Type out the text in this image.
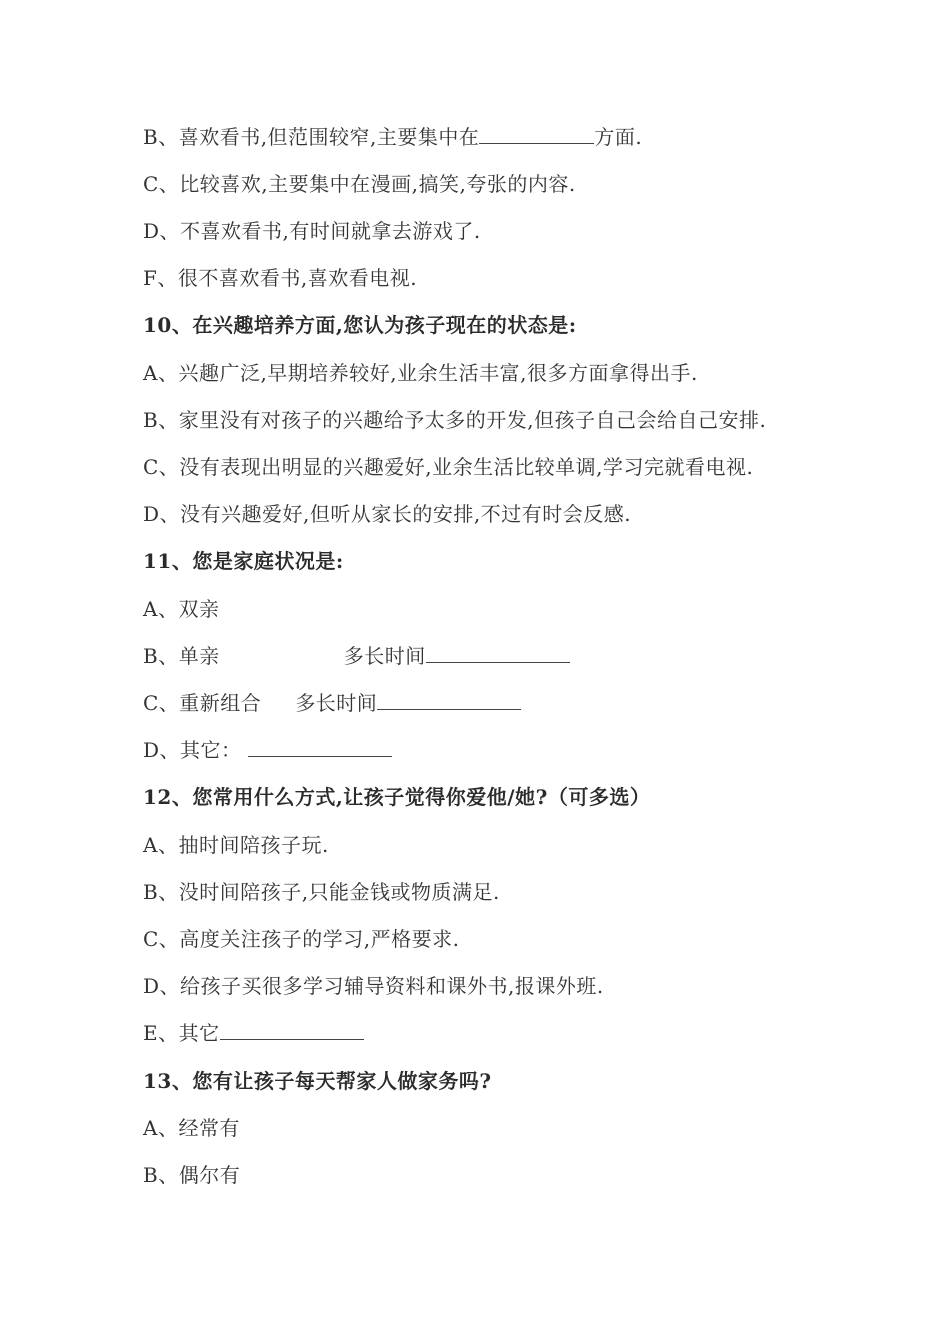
B、喜欢看书,但范围较窄,主要集中在	方面.
C、比较喜欢,主要集中在漫画,搞笑,夸张的内容.
D、不喜欢看书,有时间就拿去游戏了.
F、很不喜欢看书,喜欢看电视.
10、在兴趣培养方面,您认为孩子现在的状态是:
A、兴趣广泛,早期培养较好,业余生活丰富,很多方面拿得出手.
B、家里没有对孩子的兴趣给予太多的开发,但孩子自己会给自己安排.
C、没有表现出明显的兴趣爱好,业余生活比较单调,学习完就看电视.
D、没有兴趣爱好,但听从家长的安排,不过有时会反感.
11、您是家庭状况是:
A、双亲
B、单亲	多长时间
C、重新组合 多长时间
D、其它：
12、您常用什么方式,让孩子觉得你爱他/她?（可多选）
A、抽时间陪孩子玩.
B、没时间陪孩子,只能金钱或物质满足.
C、高度关注孩子的学习,严格要求.
D、给孩子买很多学习辅导资料和课外书,报课外班.
E、其它
13、您有让孩子每天帮家人做家务吗?
A、经常有
B、偶尔有
